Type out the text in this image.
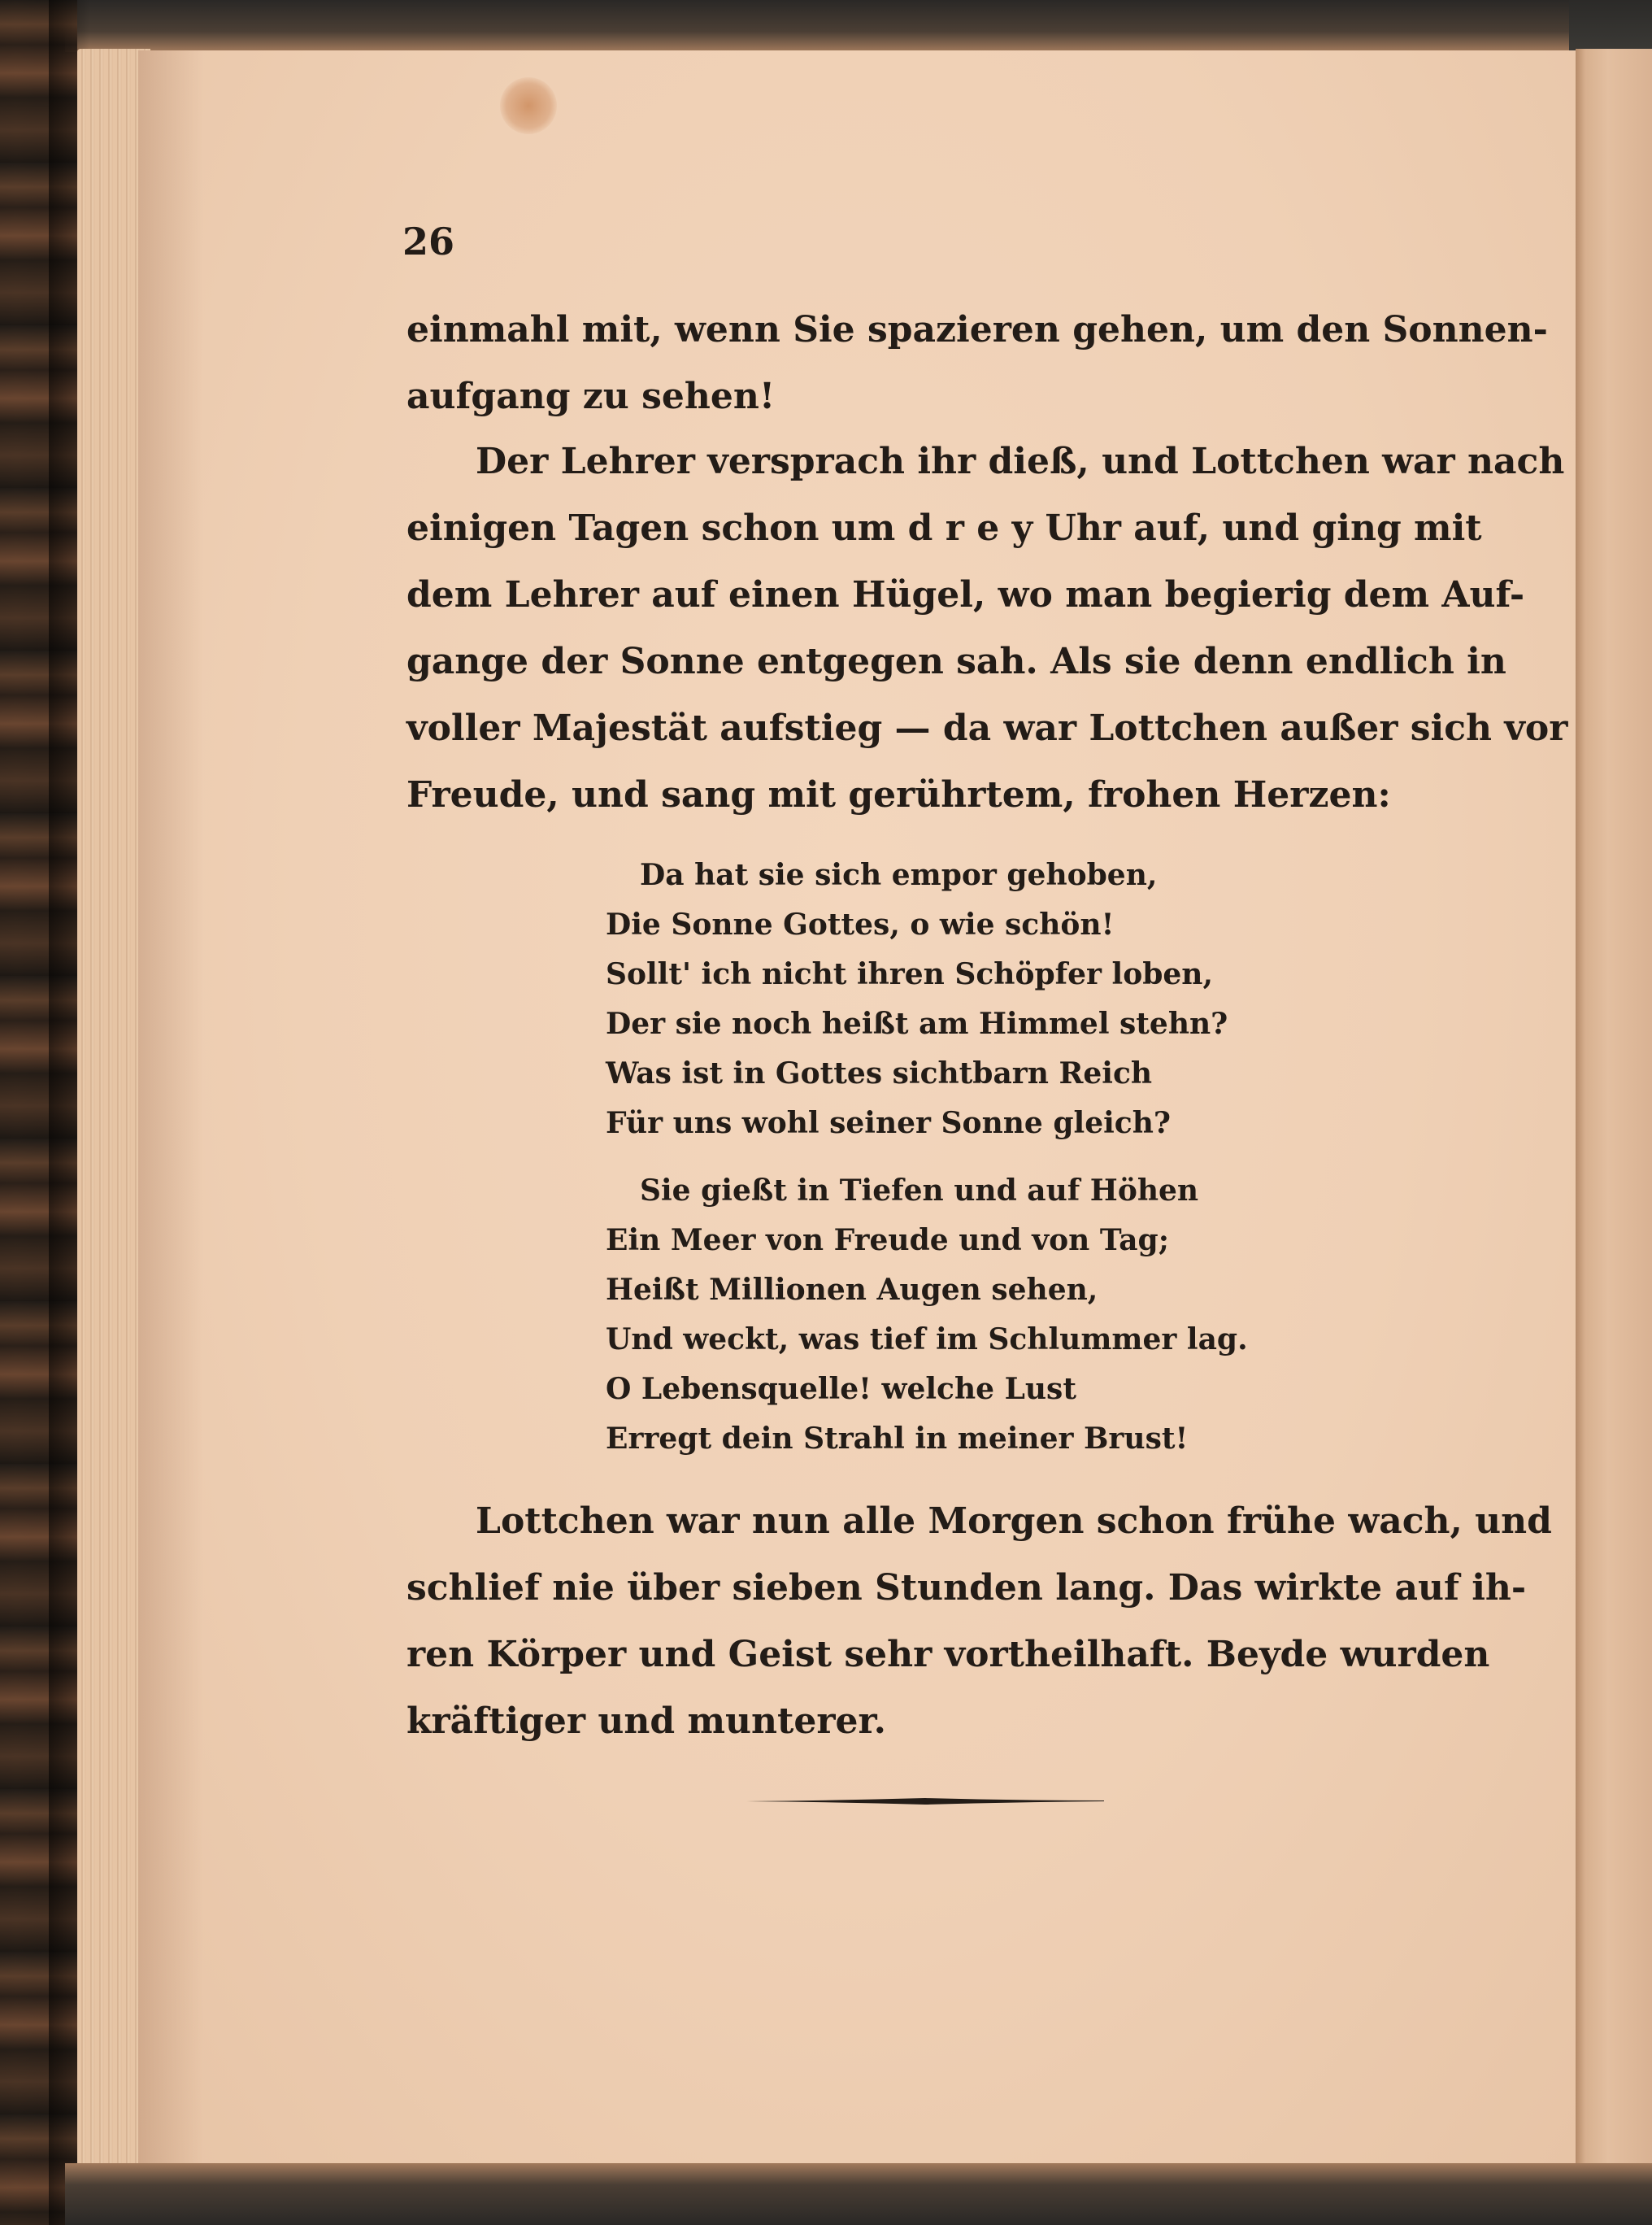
26
einmahl mit, wenn Sie spazieren gehen, um den Sonnen-
aufgang zu sehen!
Der Lehrer versprach ihr dieß, und Lottchen war nach
einigen Tagen schon um d r e y Uhr auf, und ging mit
dem Lehrer auf einen Hügel, wo man begierig dem Auf-
gange der Sonne entgegen sah. Als sie denn endlich in
voller Majestät aufstieg — da war Lottchen außer sich vor
Freude, und sang mit gerührtem, frohen Herzen:
Da hat sie sich empor gehoben,
Die Sonne Gottes, o wie schön!
Sollt' ich nicht ihren Schöpfer loben,
Der sie noch heißt am Himmel stehn?
Was ist in Gottes sichtbarn Reich
Für uns wohl seiner Sonne gleich?
Sie gießt in Tiefen und auf Höhen
Ein Meer von Freude und von Tag;
Heißt Millionen Augen sehen,
Und weckt, was tief im Schlummer lag.
O Lebensquelle! welche Lust
Erregt dein Strahl in meiner Brust!
Lottchen war nun alle Morgen schon frühe wach, und
schlief nie über sieben Stunden lang. Das wirkte auf ih-
ren Körper und Geist sehr vortheilhaft. Beyde wurden
kräftiger und munterer.
